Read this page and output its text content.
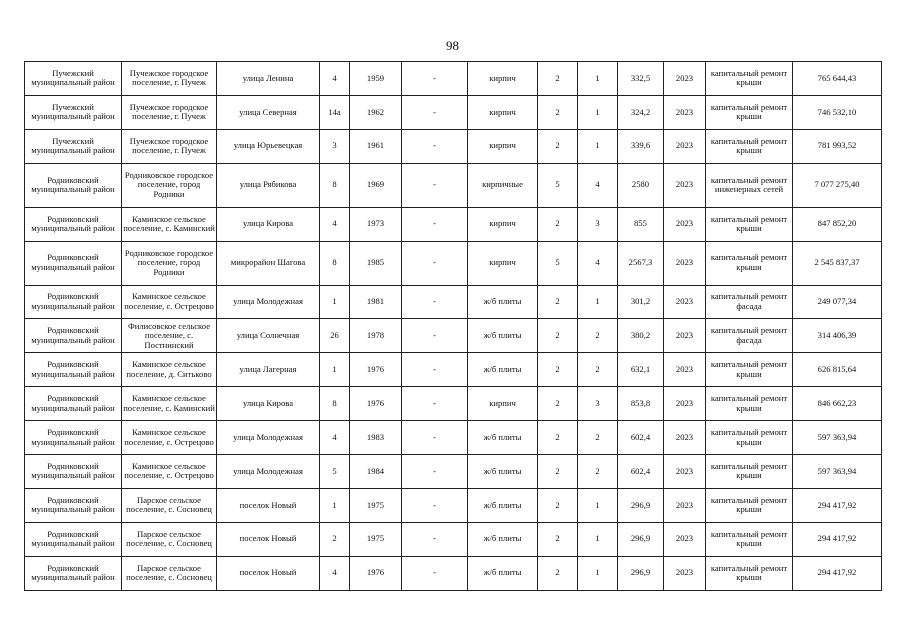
98
Пучежский муниципальный район	Пучежское городское поселение, г. Пучеж	улица Ленина	4	1959	-	кирпич	2	1	332,5	2023	капитальный ремонт крыши	765 644,43
Пучежский муниципальный район	Пучежское городское поселение, г. Пучеж	улица Северная	14а	1962	-	кирпич	2	1	324,2	2023	капитальный ремонт крыши	746 532,10
Пучежский муниципальный район	Пучежское городское поселение, г. Пучеж	улица Юрьевецкая	3	1961	-	кирпич	2	1	339,6	2023	капитальный ремонт крыши	781 993,52
Родниковский муниципальный район	Родниковское городское поселение, город Родники	улица Рябикова	8	1969	-	кирпичные	5	4	2580	2023	капитальный ремонт инженерных сетей	7 077 275,40
Родниковский муниципальный район	Каминское сельское поселение, с. Каминский	улица Кирова	4	1973	-	кирпич	2	3	855	2023	капитальный ремонт крыши	847 852,20
Родниковский муниципальный район	Родниковское городское поселение, город Родники	микрорайон Шагова	8	1985	-	кирпич	5	4	2567,3	2023	капитальный ремонт крыши	2 545 837,37
Родниковский муниципальный район	Каминское сельское поселение, с. Острецово	улица Молодежная	1	1981	-	ж/б плиты	2	1	301,2	2023	капитальный ремонт фасада	249 077,34
Родниковский муниципальный район	Филисовское сельское поселение, с. Постнинский	улица Солнечная	26	1978	-	ж/б плиты	2	2	380,2	2023	капитальный ремонт фасада	314 406,39
Родниковский муниципальный район	Каминское сельское поселение, д. Ситьково	улица Лагерная	1	1976	-	ж/б плиты	2	2	632,1	2023	капитальный ремонт крыши	626 815,64
Родниковский муниципальный район	Каминское сельское поселение, с. Каминский	улица Кирова	8	1976	-	кирпич	2	3	853,8	2023	капитальный ремонт крыши	846 662,23
Родниковский муниципальный район	Каминское сельское поселение, с. Острецово	улица Молодежная	4	1983	-	ж/б плиты	2	2	602,4	2023	капитальный ремонт крыши	597 363,94
Родниковский муниципальный район	Каминское сельское поселение, с. Острецово	улица Молодежная	5	1984	-	ж/б плиты	2	2	602,4	2023	капитальный ремонт крыши	597 363,94
Родниковский муниципальный район	Парское сельское поселение, с. Сосновец	поселок Новый	1	1975	-	ж/б плиты	2	1	296,9	2023	капитальный ремонт крыши	294 417,92
Родниковский муниципальный район	Парское сельское поселение, с. Сосновец	поселок Новый	2	1975	-	ж/б плиты	2	1	296,9	2023	капитальный ремонт крыши	294 417,92
Родниковский муниципальный район	Парское сельское поселение, с. Сосновец	поселок Новый	4	1976	-	ж/б плиты	2	1	296,9	2023	капитальный ремонт крыши	294 417,92
